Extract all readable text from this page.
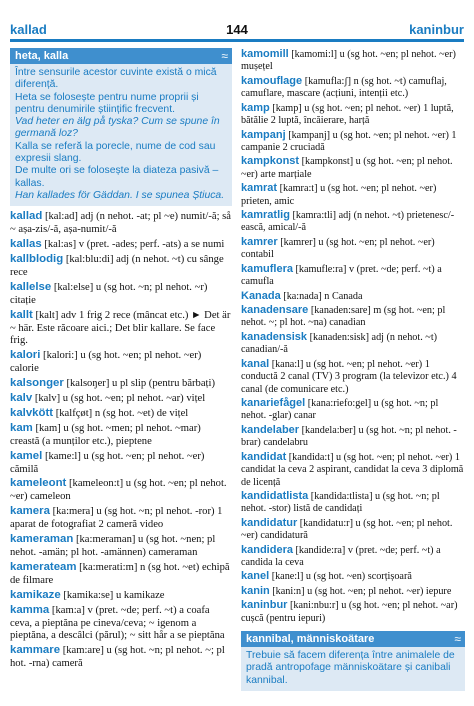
kallad	144	kaninbur
heta, kalla	≈

Între sensurile acestor cuvinte există o mică diferență.

Heta se folosește pentru nume proprii și pentru denumirile științific frecvent.

Vad heter en älg på tyska? Cum se spune în germană loz?

Kalla se referă la porecle, nume de cod sau expresii slang.

De multe ori se folosește la diateza pasivă – kallas.

Han kallades för Gäddan. I se spunea Știuca.

kallad [kal:ad] adj (n nehot. -at; pl ~e) numit/-ă; så ~ așa-zis/-ă, așa-numit/-ă

kallas [kal:as] v (pret. -ades; perf. -ats) a se numi

kallblodig [kal:blu:di] adj (n nehot. ~t) cu sânge rece

kallelse [kal:else] u (sg hot. ~n; pl nehot. ~r) citație

kallt [kalt] adv 1 frig 2 rece (mâncat etc.) ► Det är ~ här. Este răcoare aici.; Det blir kallare. Se face frig.

kalori [kalori:] u (sg hot. ~en; pl nehot. ~er) calorie

kalsonger [kalsoŋer] u pl slip (pentru bărbați)

kalv [kalv] u (sg hot. ~en; pl nehot. ~ar) vițel

kalvkött [kalfçøt] n (sg hot. ~et) de vițel

kam [kam] u (sg hot. ~men; pl nehot. ~mar) creastă (a munților etc.), pieptene

kamel [kame:l] u (sg hot. ~en; pl nehot. ~er) cămilă

kameleont [kameleon:t] u (sg hot. ~en; pl nehot. ~er) cameleon

kamera [ka:mera] u (sg hot. ~n; pl nehot. -ror) 1 aparat de fotografiat 2 cameră video

kameraman [ka:meraman] u (sg hot. ~nen; pl nehot. -amän; pl hot. -amännen) cameraman

kamerateam [ka:merati:m] n (sg hot. ~et) echipă de filmare

kamikaze [kamika:se] u kamikaze

kamma [kam:a] v (pret. ~de; perf. ~t) a coafa ceva, a pieptăna pe cineva/ceva; ~ igenom a pieptăna, a descâlci (părul); ~ sitt hår a se pieptăna

kammare [kam:are] u (sg hot. ~n; pl nehot. ~; pl hot. -rna) cameră

kamomill [kamomi:l] u (sg hot. ~en; pl nehot. ~er) mușețel

kamouflage [kamufla:ʃ] n (sg hot. ~t) camuflaj, camuflare, mascare (acțiuni, intenții etc.)

kamp [kamp] u (sg hot. ~en; pl nehot. ~er) 1 luptă, bătălie 2 luptă, încăierare, harță

kampanj [kampanj] u (sg hot. ~en; pl nehot. ~er) 1 campanie 2 cruciadă

kampkonst [kampkonst] u (sg hot. ~en; pl nehot. ~er) arte marțiale

kamrat [kamra:t] u (sg hot. ~en; pl nehot. ~er) prieten, amic

kamratlig [kamra:tli] adj (n nehot. ~t) prietenesc/-ească, amical/-ă

kamrer [kamrer] u (sg hot. ~en; pl nehot. ~er) contabil

kamuflera [kamufle:ra] v (pret. ~de; perf. ~t) a camufla

Kanada [ka:nada] n Canada

kanadensare [kanaden:sare] m (sg hot. ~en; pl nehot. ~; pl hot. ~na) canadian

kanadensisk [kanaden:sisk] adj (n nehot. ~t) canadian/-ă

kanal [kana:l] u (sg hot. ~en; pl nehot. ~er) 1 conductă 2 canal (TV) 3 program (la televizor etc.) 4 canal (de comunicare etc.)

kanariefågel [kana:riefo:gel] u (sg hot. ~n; pl nehot. -glar) canar

kandelaber [kandela:ber] u (sg hot. ~n; pl nehot. -brar) candelabru

kandidat [kandida:t] u (sg hot. ~en; pl nehot. ~er) 1 candidat la ceva 2 aspirant, candidat la ceva 3 diplomă de licență

kandidatlista [kandida:tlista] u (sg hot. ~n; pl nehot. -stor) listă de candidați

kandidatur [kandidatu:r] u (sg hot. ~en; pl nehot. ~er) candidatură

kandidera [kandide:ra] v (pret. ~de; perf. ~t) a candida la ceva

kanel [kane:l] u (sg hot. ~en) scorțișoară

kanin [kani:n] u (sg hot. ~en; pl nehot. ~er) iepure

kaninbur [kani:nbu:r] u (sg hot. ~en; pl nehot. ~ar) cușcă (pentru iepuri)

kannibal, människoätare	≈

Trebuie să facem diferența între animalele de pradă antropofage människoätare și canibali kannibal.
